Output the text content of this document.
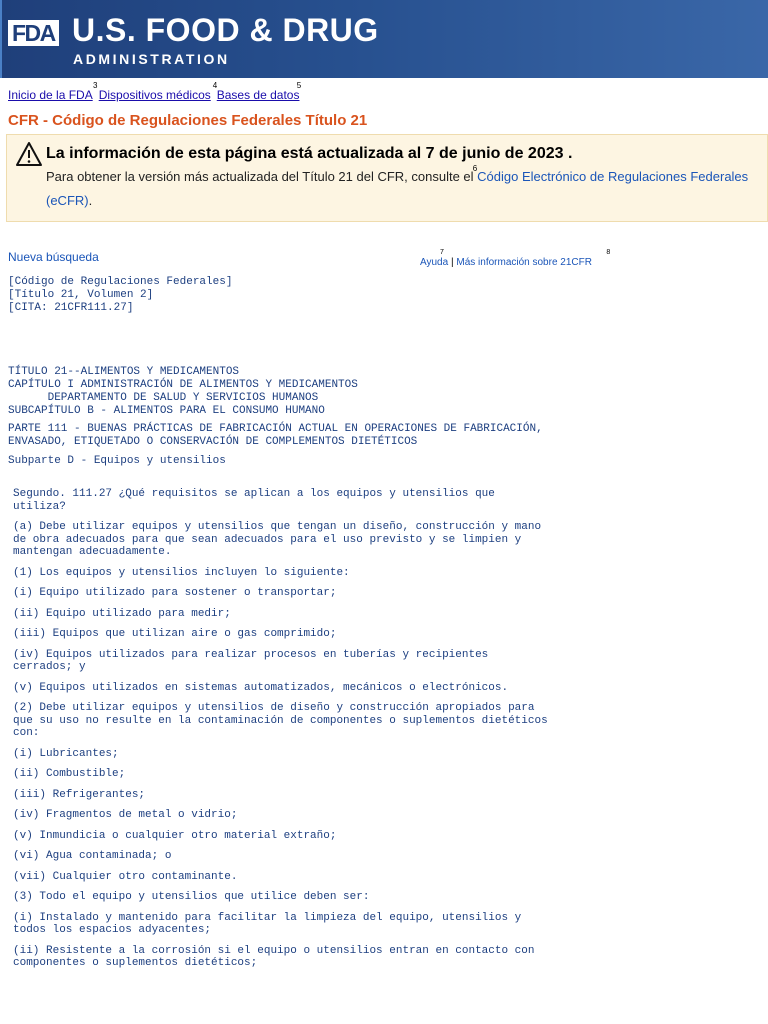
FDA U.S. FOOD & DRUG
ADMINISTRATION
3
Inicio de la FDA
4
Dispositivos médicos
5
Bases de datos
CFR - Código de Regulaciones Federales Título 21
La información de esta página está actualizada al 7 de junio de 2023 .
Para obtener la versión más actualizada del Título 21 del CFR, consulte el Código Electrónico de Regulaciones Federales (eCFR)
6
.
Nueva búsqueda	7
Ayuda |
8
Más información sobre 21CFR
[Código de Regulaciones Federales]
[Título 21, Volumen 2]
[CITA: 21CFR111.27]
TÍTULO 21--ALIMENTOS Y MEDICAMENTOS
CAPÍTULO I ADMINISTRACIÓN DE ALIMENTOS Y MEDICAMENTOS
DEPARTAMENTO DE SALUD Y SERVICIOS HUMANOS
SUBCAPÍTULO B - ALIMENTOS PARA EL CONSUMO HUMANO
PARTE 111 - BUENAS PRÁCTICAS DE FABRICACIÓN ACTUAL EN OPERACIONES DE FABRICACIÓN,
ENVASADO, ETIQUETADO O CONSERVACIÓN DE COMPLEMENTOS DIETÉTICOS
Subparte D - Equipos y utensilios

Segundo. 111.27 ¿Qué requisitos se aplican a los equipos y utensilios que
utiliza?

(a) Debe utilizar equipos y utensilios que tengan un diseño, construcción y mano
de obra adecuados para que sean adecuados para el uso previsto y se limpien y
mantengan adecuadamente.

(1) Los equipos y utensilios incluyen lo siguiente:

(i) Equipo utilizado para sostener o transportar;

(ii) Equipo utilizado para medir;

(iii) Equipos que utilizan aire o gas comprimido;

(iv) Equipos utilizados para realizar procesos en tuberías y recipientes
cerrados; y

(v) Equipos utilizados en sistemas automatizados, mecánicos o electrónicos.

(2) Debe utilizar equipos y utensilios de diseño y construcción apropiados para
que su uso no resulte en la contaminación de componentes o suplementos dietéticos
con:

(i) Lubricantes;

(ii) Combustible;

(iii) Refrigerantes;

(iv) Fragmentos de metal o vidrio;

(v) Inmundicia o cualquier otro material extraño;

(vi) Agua contaminada; o

(vii) Cualquier otro contaminante.

(3) Todo el equipo y utensilios que utilice deben ser:

(i) Instalado y mantenido para facilitar la limpieza del equipo, utensilios y
todos los espacios adyacentes;

(ii) Resistente a la corrosión si el equipo o utensilios entran en contacto con
componentes o suplementos dietéticos;
